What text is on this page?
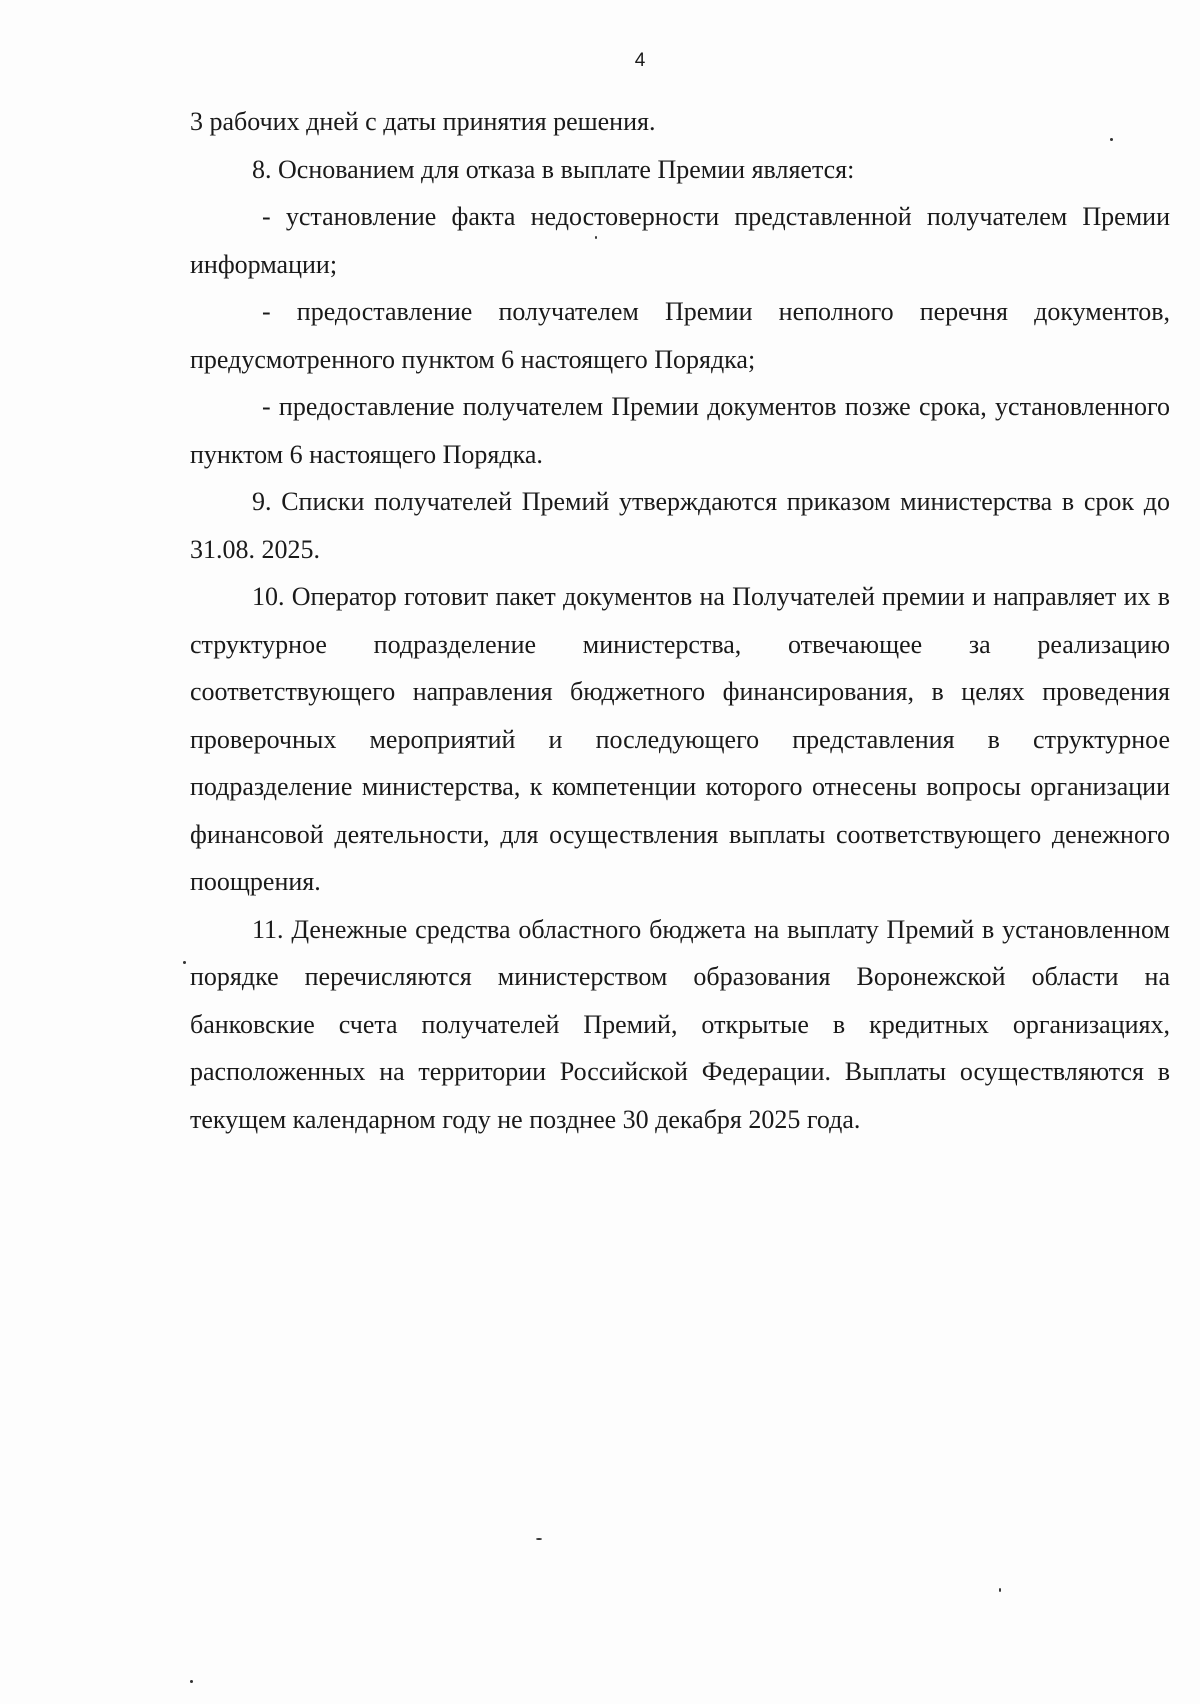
4

3 рабочих дней с даты принятия решения.

8. Основанием для отказа в выплате Премии является:

- установление факта недостоверности представленной получателем Премии информации;

- предоставление получателем Премии неполного перечня документов, предусмотренного пунктом 6 настоящего Порядка;

- предоставление получателем Премии документов позже срока, установленного пунктом 6 настоящего Порядка.

9. Списки получателей Премий утверждаются приказом министерства в срок до 31.08. 2025.

10. Оператор готовит пакет документов на Получателей премии и направляет их в структурное подразделение министерства, отвечающее за реализацию соответствующего направления бюджетного финансирования, в целях проведения проверочных мероприятий и последующего представления в структурное подразделение министерства, к компетенции которого отнесены вопросы организации финансовой деятельности, для осуществления выплаты соответствующего денежного поощрения.

11. Денежные средства областного бюджета на выплату Премий в установленном порядке перечисляются министерством образования Воронежской области на банковские счета получателей Премий, открытые в кредитных организациях, расположенных на территории Российской Федерации. Выплаты осуществляются в текущем календарном году не позднее 30 декабря 2025 года.
